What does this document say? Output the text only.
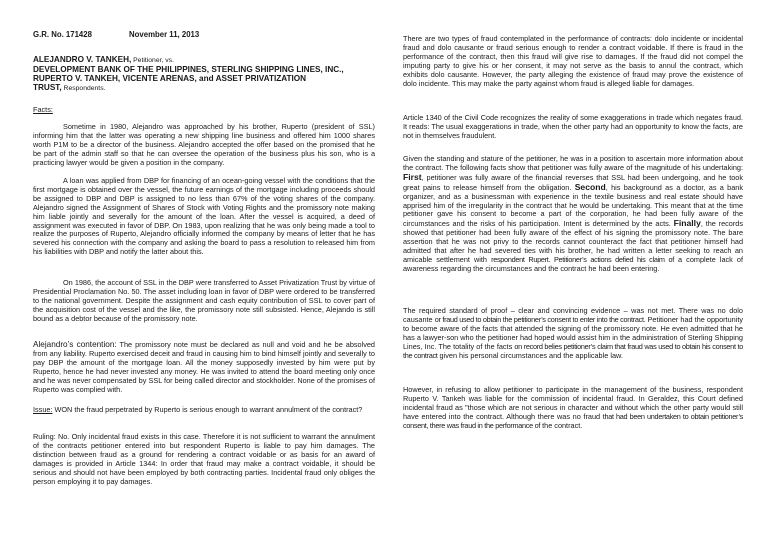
G.R. No. 171428	November 11, 2013
ALEJANDRO V. TANKEH, Petitioner, vs.
DEVELOPMENT BANK OF THE PHILIPPINES, STERLING SHIPPING LINES, INC.,
RUPERTO V. TANKEH, VICENTE ARENAS, and ASSET PRIVATIZATION
TRUST, Respondents.
Facts:

Sometime in 1980, Alejandro was approached by his brother, Ruperto (president of SSL) informing him that the latter was operating a new shipping line business and offered him 1000 shares worth P1M to be a director of the business. Alejandro accepted the offer based on the promised that he be part of the admin staff so that he can oversee the operation of the business plus his son, who is a practicing lawyer would be given a position in the company.

A loan was applied from DBP for financing of an ocean-going vessel with the conditions that the first mortgage is obtained over the vessel, the future earnings of the mortgage including proceeds should be assigned to DBP and DBP is assigned to no less than 67% of the voting shares of the company. Alejandro signed the Assignment of Shares of Stock with Voting Rights and the promissory note making him liable jointly and severally for the amount of the loan. After the vessel is acquired, a deed of assignment was executed in favor of DBP. On 1983, upon realizing that he was only being made a tool to realize the purposes of Ruperto, Alejandro officially informed the company by means of letter that he has severed his connection with the company and asking the board to pass a resolution to released him from his liabilities with DBP and notify the latter about this.

On 1986, the account of SSL in the DBP were transferred to Asset Privatization Trust by virtue of Presidential Proclamation No. 50. The asset including loan in favor of DBP were ordered to be transferred to the national government. Despite the assignment and cash equity contribution of SSL to cover part of the acquisition cost of the vessel and the like, the promissory note still subsisted. Hence, Alejando is still bound as a debtor because of the promissory note.

Alejandro’s contention: The promissory note must be declared as null and void and he be absolved from any liability. Ruperto exercised deceit and fraud in causing him to bind himself jointly and severally to pay DBP the amount of the mortgage loan. All the money supposedly invested by him were put by Ruperto, hence he had never invested any money. He was invited to attend the board meeting only once and he was never compensated by SSL for being called director and stockholder. None of the promises of Ruperto was complied with.

Issue: WON the fraud perpetrated by Ruperto is serious enough to warrant annulment of the contract?

Ruling: No. Only incidental fraud exists in this case. Therefore it is not sufficient to warrant the annulment of the contracts petitioner entered into but respondent Ruperto is liable to pay him damages. The distinction between fraud as a ground for rendering a contract voidable or as basis for an award of damages is provided in Article 1344: In order that fraud may make a contract voidable, it should be serious and should not have been employed by both contracting parties. Incidental fraud only obliges the person employing it to pay damages.

There are two types of fraud contemplated in the performance of contracts: dolo incidente or incidental fraud and dolo causante or fraud serious enough to render a contract voidable. If there is fraud in the performance of the contract, then this fraud will give rise to damages. If the fraud did not compel the imputing party to give his or her consent, it may not serve as the basis to annul the contract, which exhibits dolo causante. However, the party alleging the existence of fraud may prove the existence of dolo incidente. This may make the party against whom fraud is alleged liable for damages.

Article 1340 of the Civil Code recognizes the reality of some exaggerations in trade which negates fraud. It reads: The usual exaggerations in trade, when the other party had an opportunity to know the facts, are not in themselves fraudulent.

Given the standing and stature of the petitioner, he was in a position to ascertain more information about the contract. The following facts show that petitioner was fully aware of the magnitude of his undertaking: First, petitioner was fully aware of the financial reverses that SSL had been undergoing, and he took great pains to release himself from the obligation. Second, his background as a doctor, as a bank organizer, and as a businessman with experience in the textile business and real estate should have apprised him of the irregularity in the contract that he would be undertaking. This meant that at the time petitioner gave his consent to become a part of the corporation, he had been fully aware of the circumstances and the risks of his participation. Intent is determined by the acts. Finally, the records showed that petitioner had been fully aware of the effect of his signing the promissory note. The bare assertion that he was not privy to the records cannot counteract the fact that petitioner himself had admitted that after he had severed ties with his brother, he had written a letter seeking to reach an amicable settlement with respondent Rupert. Petitioner’s actions defied his claim of a complete lack of awareness regarding the circumstances and the contract he had been entering.

The required standard of proof – clear and convincing evidence – was not met. There was no dolo causante or fraud used to obtain the petitioner’s consent to enter into the contract. Petitioner had the opportunity to become aware of the facts that attended the signing of the promissory note. He even admitted that he has a lawyer-son who the petitioner had hoped would assist him in the administration of Sterling Shipping Lines, Inc. The totality of the facts on record belies petitioner’s claim that fraud was used to obtain his consent to the contract given his personal circumstances and the applicable law.

However, in refusing to allow petitioner to participate in the management of the business, respondent Ruperto V. Tankeh was liable for the commission of incidental fraud. In Geraldez, this Court defined incidental fraud as "those which are not serious in character and without which the other party would still have entered into the contract. Although there was no fraud that had been undertaken to obtain petitioner’s consent, there was fraud in the performance of the contract.
